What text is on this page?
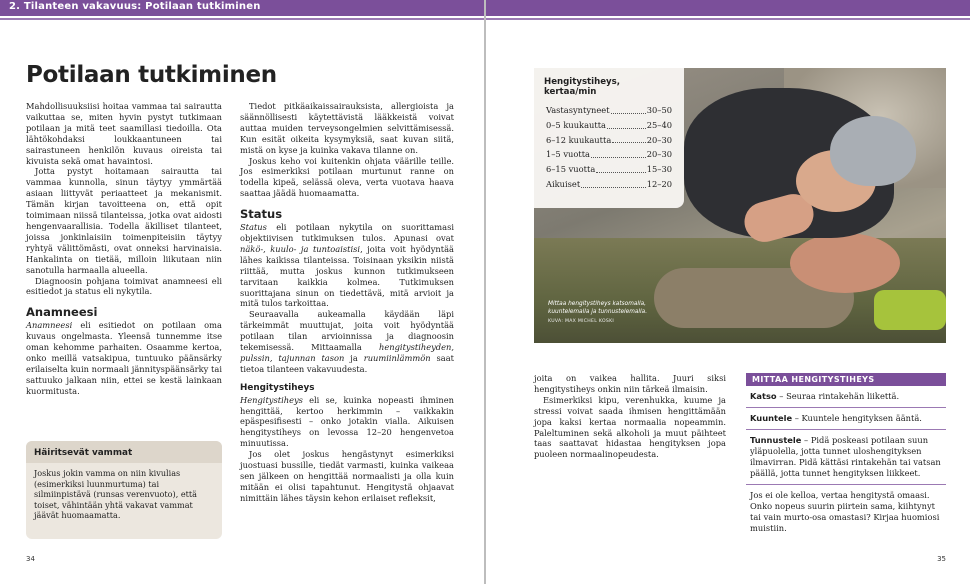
2. Tilanteen vakavuus: Potilaan tutkiminen
Potilaan tutkiminen

Mahdollisuuksiisi hoitaa vammaa tai sairautta vaikuttaa se, miten hyvin pystyt tutkimaan potilaan ja mitä teet saamillasi tiedoilla. Ota lähtökohdaksi loukkaantuneen tai sairastuneen henkilön kuvaus oireista tai kivuista sekä omat havaintosi.

Jotta pystyt hoitamaan sairautta tai vammaa kunnolla, sinun täytyy ymmärtää asiaan liittyvät periaatteet ja mekanismit. Tämän kirjan tavoitteena on, että opit toimimaan niissä tilanteissa, jotka ovat aidosti hengenvaarallisia. Todella äkilliset tilanteet, joissa jonkinlaisiin toimenpiteisiin täytyy ryhtyä välittömästi, ovat onneksi harvinaisia. Hankalinta on tietää, milloin liikutaan niin sanotulla harmaalla alueella.

Diagnoosin pohjana toimivat anamneesi eli esitiedot ja status eli nykytila.

Anamneesi

Anamneesi eli esitiedot on potilaan oma kuvaus ongelmasta. Yleensä tunnemme itse oman kehomme parhaiten. Osaamme kertoa, onko meillä vatsakipua, tuntuuko päänsärky erilaiselta kuin normaali jännityspäänsärky tai sattuuko jalkaan niin, ettei se kestä lainkaan kuormitusta.

Häiritsevät vammat
Joskus jokin vamma on niin kivulias (esimerkiksi luunmurtuma) tai silmiinpistävä (runsas verenvuoto), että toiset, vähintään yhtä vakavat vammat jäävät huomaamatta.

Tiedot pitkäaikaissairauksista, allergioista ja säännöllisesti käytettävistä lääkkeistä voivat auttaa muiden terveysongelmien selvittämisessä. Kun esität oikeita kysymyksiä, saat kuvan siitä, mistä on kyse ja kuinka vakava tilanne on.

Joskus keho voi kuitenkin ohjata väärille teille. Jos esimerkiksi potilaan murtunut ranne on todella kipeä, selässä oleva, verta vuotava haava saattaa jäädä huomaamatta.

Status

Status eli potilaan nykytila on suorittamasi objektiivisen tutkimuksen tulos. Apunasi ovat näkö-, kuulo- ja tuntoaistisi, joita voit hyödyntää lähes kaikissa tilanteissa. Toisinaan yksikin niistä riittää, mutta joskus kunnon tutkimukseen tarvitaan kaikkia kolmea. Tutkimuksen suorittajana sinun on tiedettävä, mitä arvioit ja mitä tulos tarkoittaa.

Seuraavalla aukeamalla käydään läpi tärkeimmät muuttujat, joita voit hyödyntää potilaan tilan arvioinnissa ja diagnoosin tekemisessä. Mittaamalla hengitystiheyden, pulssin, tajunnan tason ja ruumiinlämmön saat tietoa tilanteen vakavuudesta.

Hengitystiheys

Hengitystiheys eli se, kuinka nopeasti ihminen hengittää, kertoo herkimmin – vaikkakin epäspesifisesti – onko jotakin vialla. Aikuisen hengitystiheys on levossa 12–20 hengenvetoa minuutissa.

Jos olet joskus hengästynyt esimerkiksi juostuasi bussille, tiedät varmasti, kuinka vaikeaa sen jälkeen on hengittää normaalisti ja olla kuin mitään ei olisi tapahtunut. Hengitystä ohjaavat nimittäin lähes täysin kehon erilaiset refleksit,

34
Mittaa hengitystiheys katsomalla,
kuuntelemalla ja tunnustelemalla.
KUVA: MAX MICHEL KOSKI
Hengitystiheys, kertaa/min
Vastasyntyneet	30–50
0–5 kuukautta	25–40
6–12 kuukautta	20–30
1–5 vuotta	20–30
6–15 vuotta	15–30
Aikuiset	12–20

joita on vaikea hallita. Juuri siksi hengitystiheys onkin niin tärkeä ilmaisin.

Esimerkiksi kipu, verenhukka, kuume ja stressi voivat saada ihmisen hengittämään jopa kaksi kertaa normaalia nopeammin. Paleltuminen sekä alkoholi ja muut päihteet taas saattavat hidastaa hengityksen jopa puoleen normaalinopeudesta.

MITTAA HENGITYSTIHEYS
Katso – Seuraa rintakehän liikettä.
Kuuntele – Kuuntele hengityksen ääntä.
Tunnustele – Pidä poskeasi potilaan suun yläpuolella, jotta tunnet uloshengityksen ilmavirran. Pidä kättäsi rintakehän tai vatsan päällä, jotta tunnet hengityksen liikkeet.
Jos ei ole kelloa, vertaa hengitystä omaasi. Onko nopeus suurin piirtein sama, kiihtynyt tai vain murto-osa omastasi? Kirjaa huomiosi muistiin.
35
